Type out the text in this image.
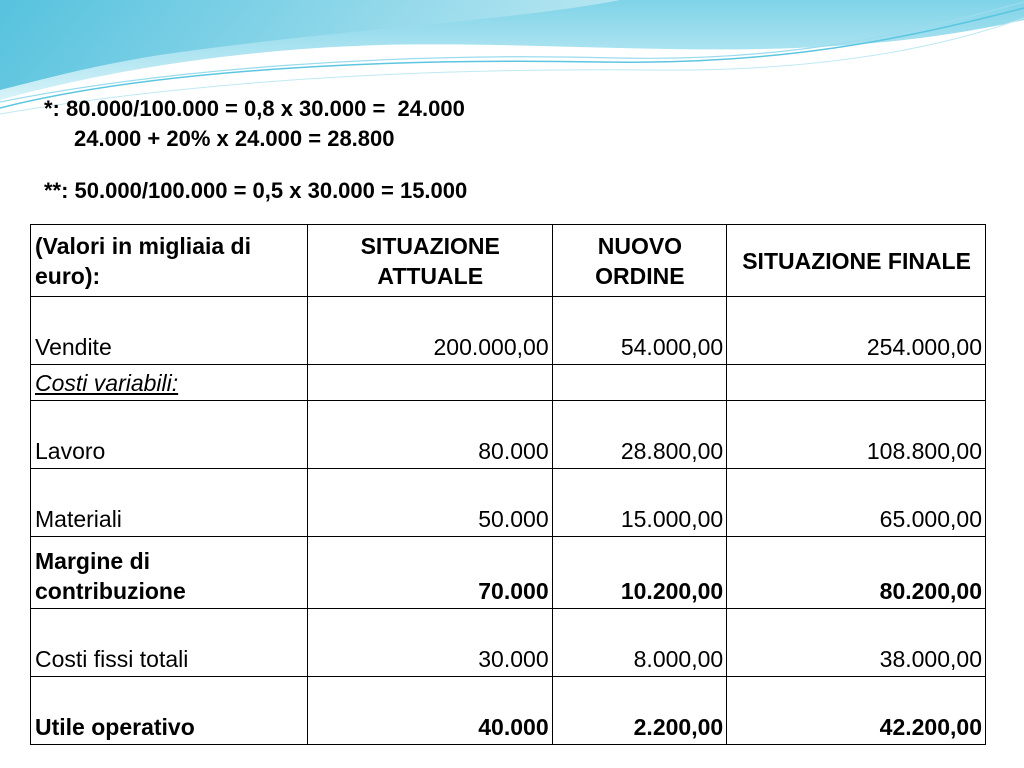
*: 80.000/100.000 = 0,8 x 30.000 =  24.000
24.000 + 20% x 24.000 = 28.800
**: 50.000/100.000 = 0,5 x 30.000 = 15.000
(Valori in migliaia di euro):	SITUAZIONE ATTUALE	NUOVO ORDINE	SITUAZIONE FINALE
Vendite	200.000,00	54.000,00	254.000,00
Costi variabili:			
Lavoro	80.000	28.800,00	108.800,00
Materiali	50.000	15.000,00	65.000,00
Margine di contribuzione	70.000	10.200,00	80.200,00
Costi fissi totali	30.000	8.000,00	38.000,00
Utile operativo	40.000	2.200,00	42.200,00
